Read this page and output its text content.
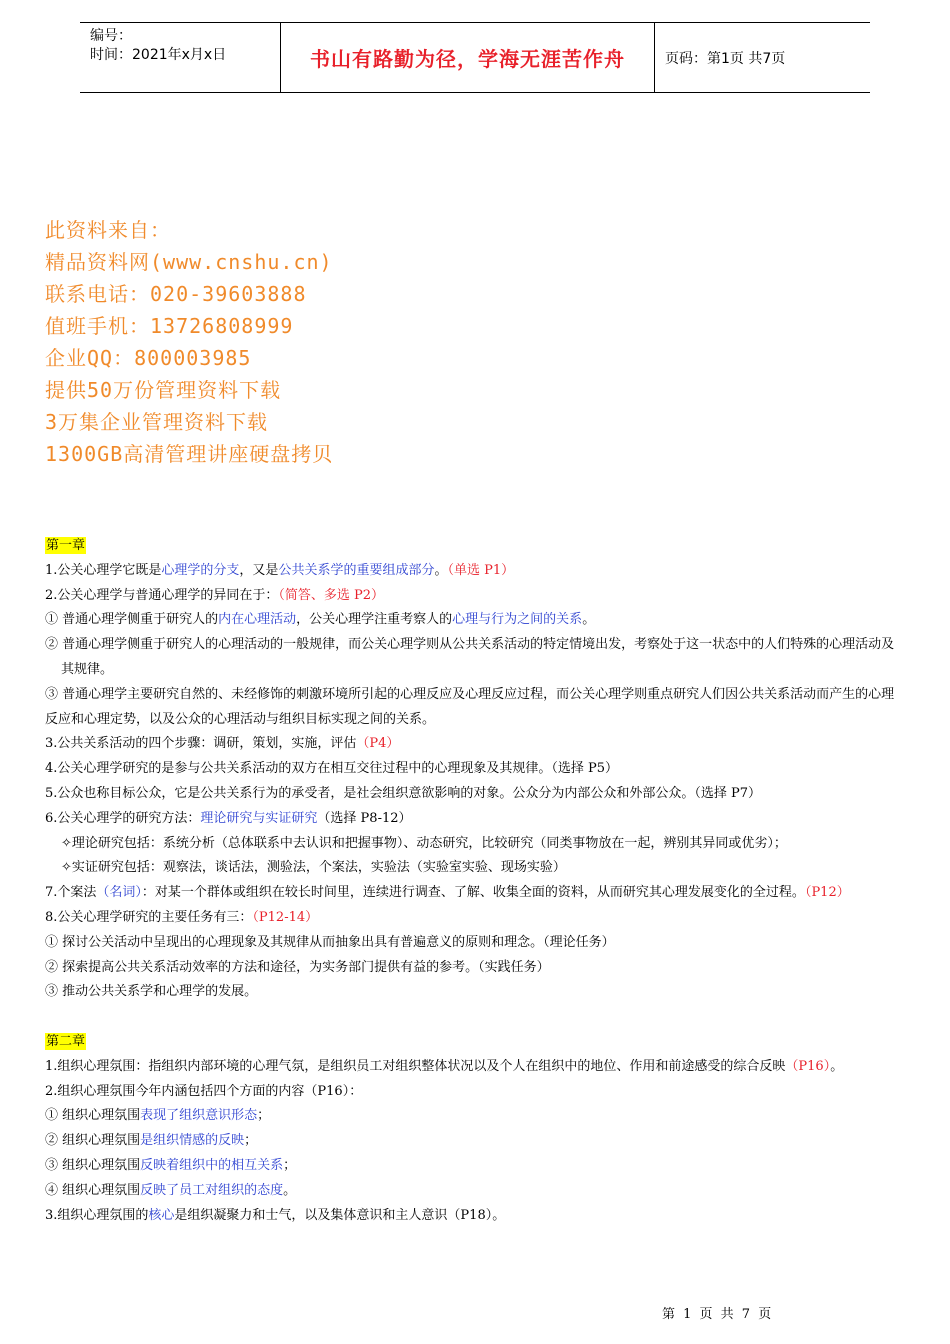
编号：
时间：2021年x月x日	书山有路勤为径，学海无涯苦作舟	页码：第1页 共7页
此资料来自：
精品资料网(www.cnshu.cn)
联系电话：020-39603888
值班手机：13726808999
企业QQ：800003985
提供50万份管理资料下载
3万集企业管理资料下载
1300GB高清管理讲座硬盘拷贝
第一章
1.公关心理学它既是心理学的分支，又是公共关系学的重要组成部分。（单选 P1）
2.公关心理学与普通心理学的异同在于：（简答、多选 P2）
① 普通心理学侧重于研究人的内在心理活动，公关心理学注重考察人的心理与行为之间的关系。
② 普通心理学侧重于研究人的心理活动的一般规律，而公关心理学则从公共关系活动的特定情境出发，考察处于这一状态中的人们特殊的心理活动及其规律。
③ 普通心理学主要研究自然的、未经修饰的刺激环境所引起的心理反应及心理反应过程，而公关心理学则重点研究人们因公共关系活动而产生的心理反应和心理定势，以及公众的心理活动与组织目标实现之间的关系。
3.公共关系活动的四个步骤：调研，策划，实施，评估（P4）
4.公关心理学研究的是参与公共关系活动的双方在相互交往过程中的心理现象及其规律。（选择 P5）
5.公众也称目标公众，它是公共关系行为的承受者，是社会组织意欲影响的对象。公众分为内部公众和外部公众。（选择 P7）
6.公关心理学的研究方法：理论研究与实证研究（选择 P8-12）
✧理论研究包括：系统分析（总体联系中去认识和把握事物）、动态研究，比较研究（同类事物放在一起，辨别其异同或优劣）；
✧实证研究包括：观察法，谈话法，测验法，个案法，实验法（实验室实验、现场实验）
7.个案法（名词）：对某一个群体或组织在较长时间里，连续进行调查、了解、收集全面的资料，从而研究其心理发展变化的全过程。（P12）
8.公关心理学研究的主要任务有三：（P12-14）
① 探讨公关活动中呈现出的心理现象及其规律从而抽象出具有普遍意义的原则和理念。（理论任务）
② 探索提高公共关系活动效率的方法和途径，为实务部门提供有益的参考。（实践任务）
③ 推动公共关系学和心理学的发展。
第二章
1.组织心理氛围：指组织内部环境的心理气氛，是组织员工对组织整体状况以及个人在组织中的地位、作用和前途感受的综合反映（P16）。
2.组织心理氛围今年内涵包括四个方面的内容（P16）：
① 组织心理氛围表现了组织意识形态；
② 组织心理氛围是组织情感的反映；
③ 组织心理氛围反映着组织中的相互关系；
④ 组织心理氛围反映了员工对组织的态度。
3.组织心理氛围的核心是组织凝聚力和士气，以及集体意识和主人意识（P18）。
第 1 页 共 7 页
